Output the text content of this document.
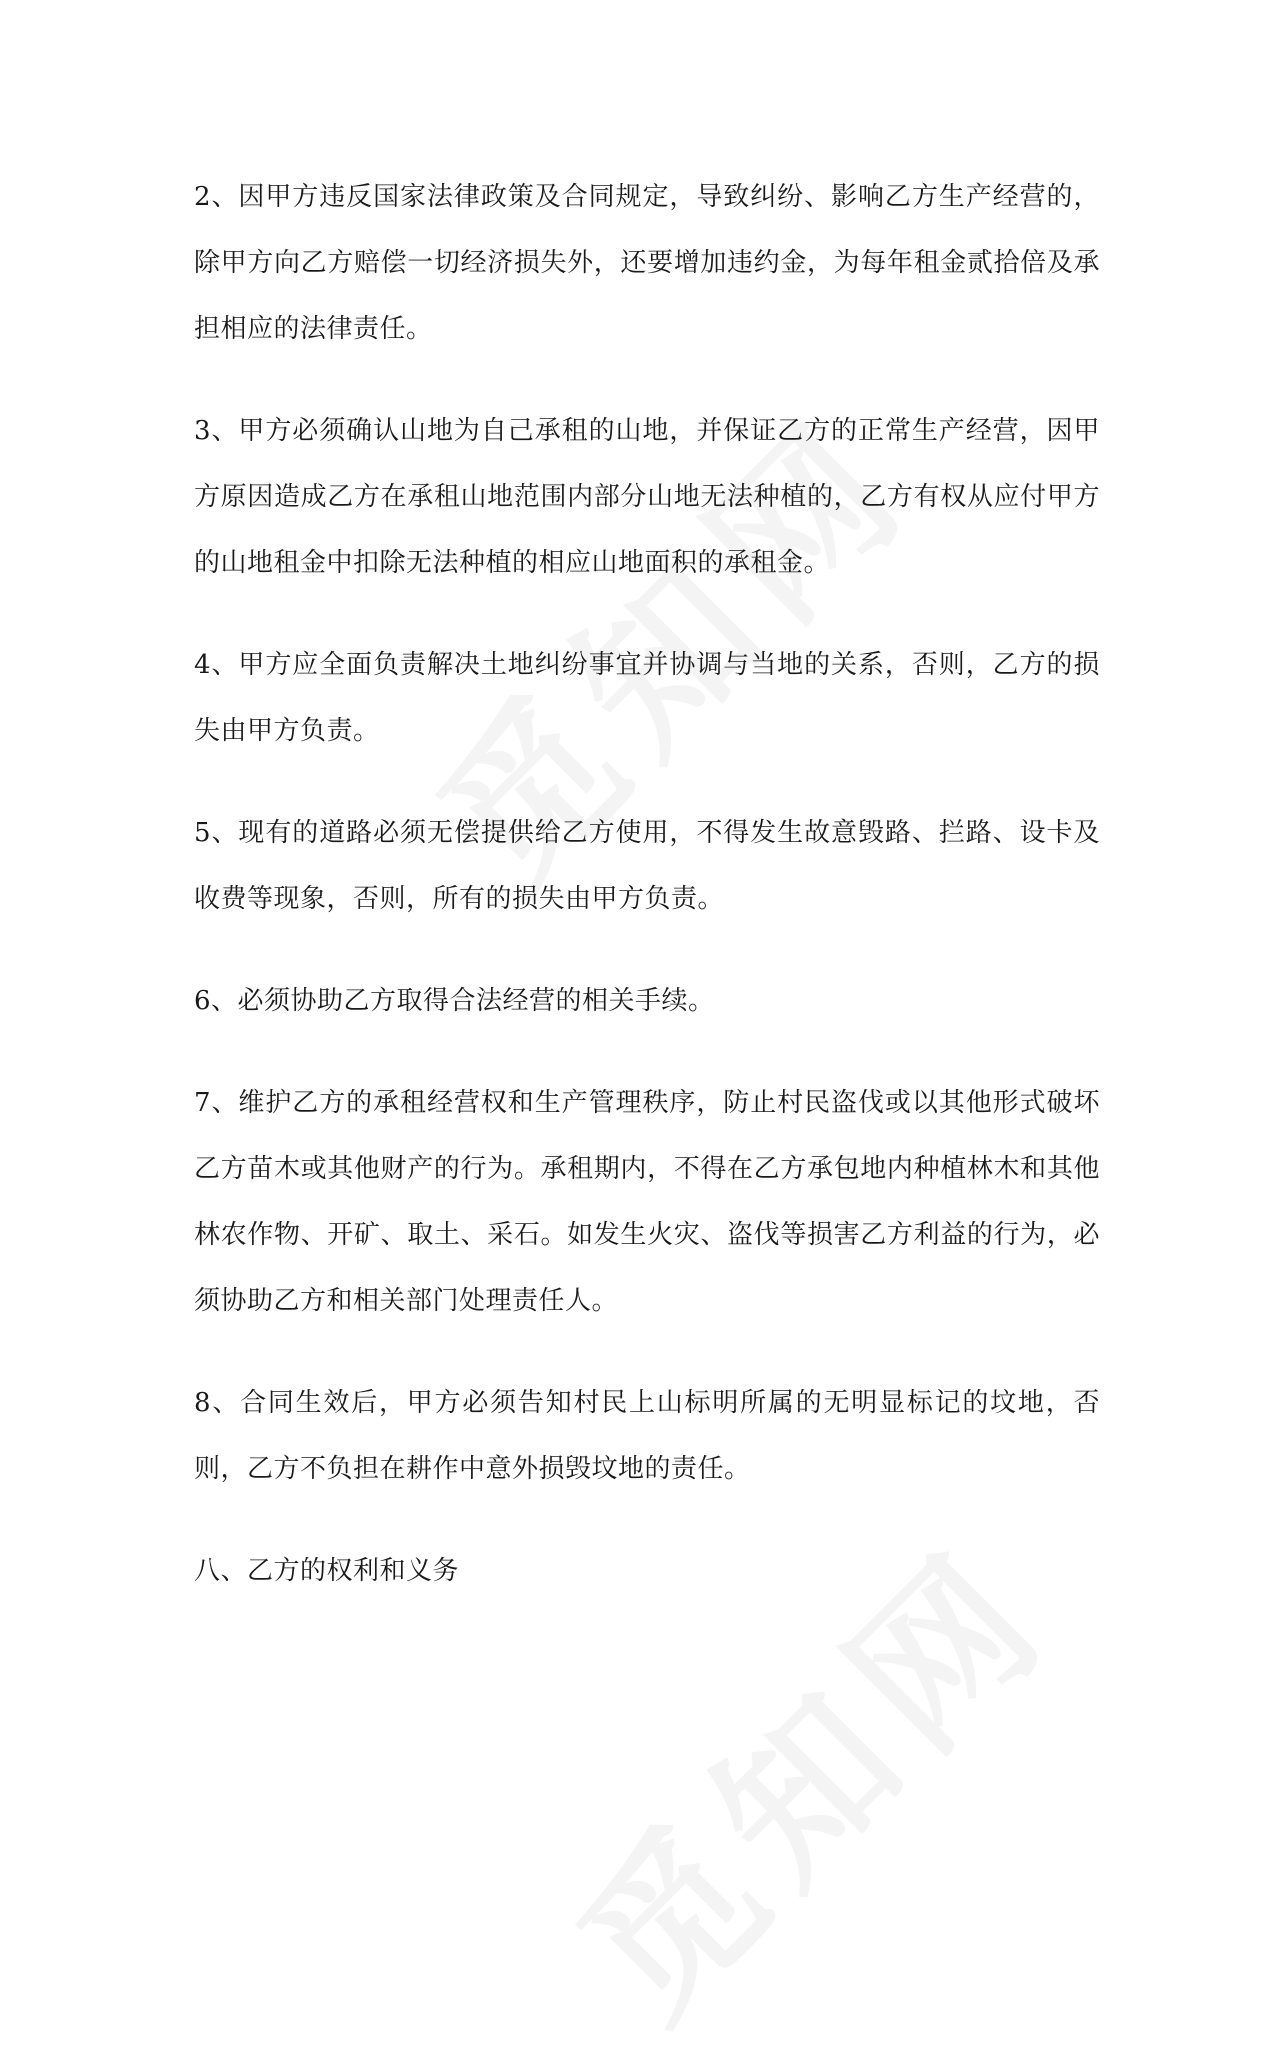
2、因甲方违反国家法律政策及合同规定，导致纠纷、影响乙方生产经营的，除甲方向乙方赔偿一切经济损失外，还要增加违约金，为每年租金贰拾倍及承担相应的法律责任。

3、甲方必须确认山地为自己承租的山地，并保证乙方的正常生产经营，因甲方原因造成乙方在承租山地范围内部分山地无法种植的，乙方有权从应付甲方的山地租金中扣除无法种植的相应山地面积的承租金。

4、甲方应全面负责解决土地纠纷事宜并协调与当地的关系，否则，乙方的损失由甲方负责。

5、现有的道路必须无偿提供给乙方使用，不得发生故意毁路、拦路、设卡及收费等现象，否则，所有的损失由甲方负责。

6、必须协助乙方取得合法经营的相关手续。

7、维护乙方的承租经营权和生产管理秩序，防止村民盗伐或以其他形式破坏乙方苗木或其他财产的行为。承租期内，不得在乙方承包地内种植林木和其他林农作物、开矿、取土、采石。如发生火灾、盗伐等损害乙方利益的行为，必须协助乙方和相关部门处理责任人。

8、合同生效后，甲方必须告知村民上山标明所属的无明显标记的坟地，否则，乙方不负担在耕作中意外损毁坟地的责任。

八、乙方的权利和义务
